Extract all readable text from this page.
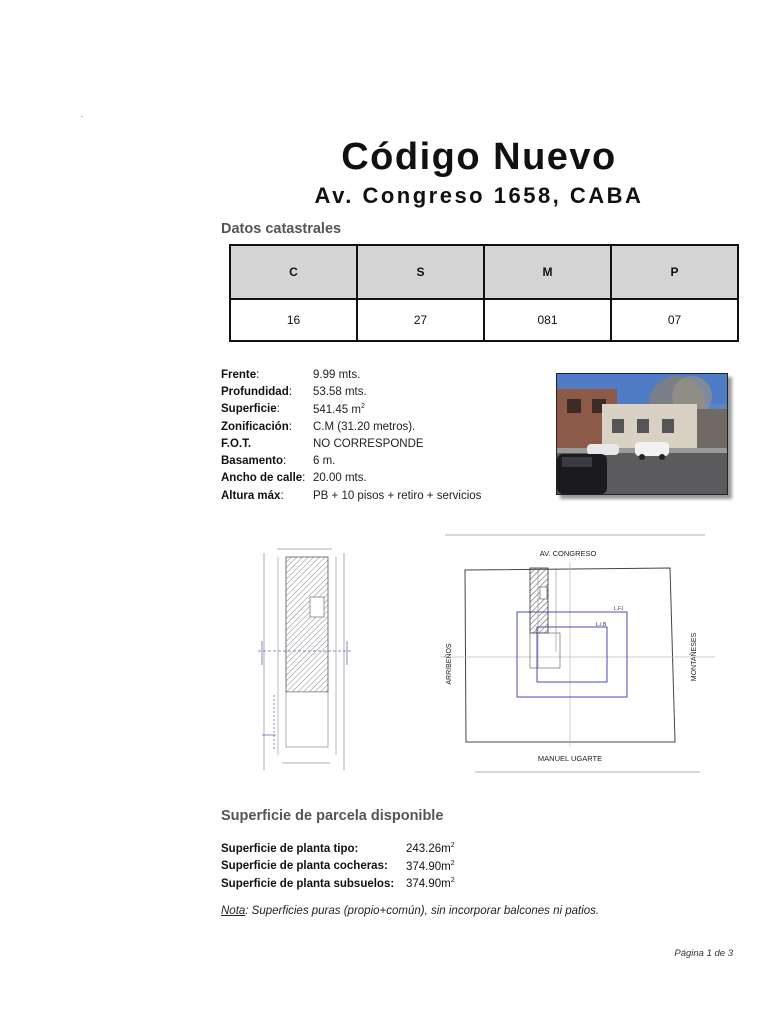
Código Nuevo
Av. Congreso 1658, CABA
Datos catastrales
C	S	M	P
16	27	081	07
Frente:	9.99 mts.
Profundidad:	53.58 mts.
Superficie:	541.45 $m^2$
Zonificación:	C.M (31.20 metros).
F.O.T.	NO CORRESPONDE
Basamento:	6 m.
Ancho de calle: 20.00 mts.
Altura máx:	PB + 10 pisos + retiro + servicios
AV. CONGRESO
MANUEL UGARTE
ARRIBEÑOS	MONTAÑESES
L.F.I
L.I.B
Superficie de parcela disponible
Superficie de planta tipo:	$243.26m^2$
Superficie de planta cocheras:	$374.90m^2$
Superficie de planta subsuelos:	$374.90m^2$
Nota: Superficies puras (propio+común), sin incorporar balcones ni patios.
Página 1 de 3
